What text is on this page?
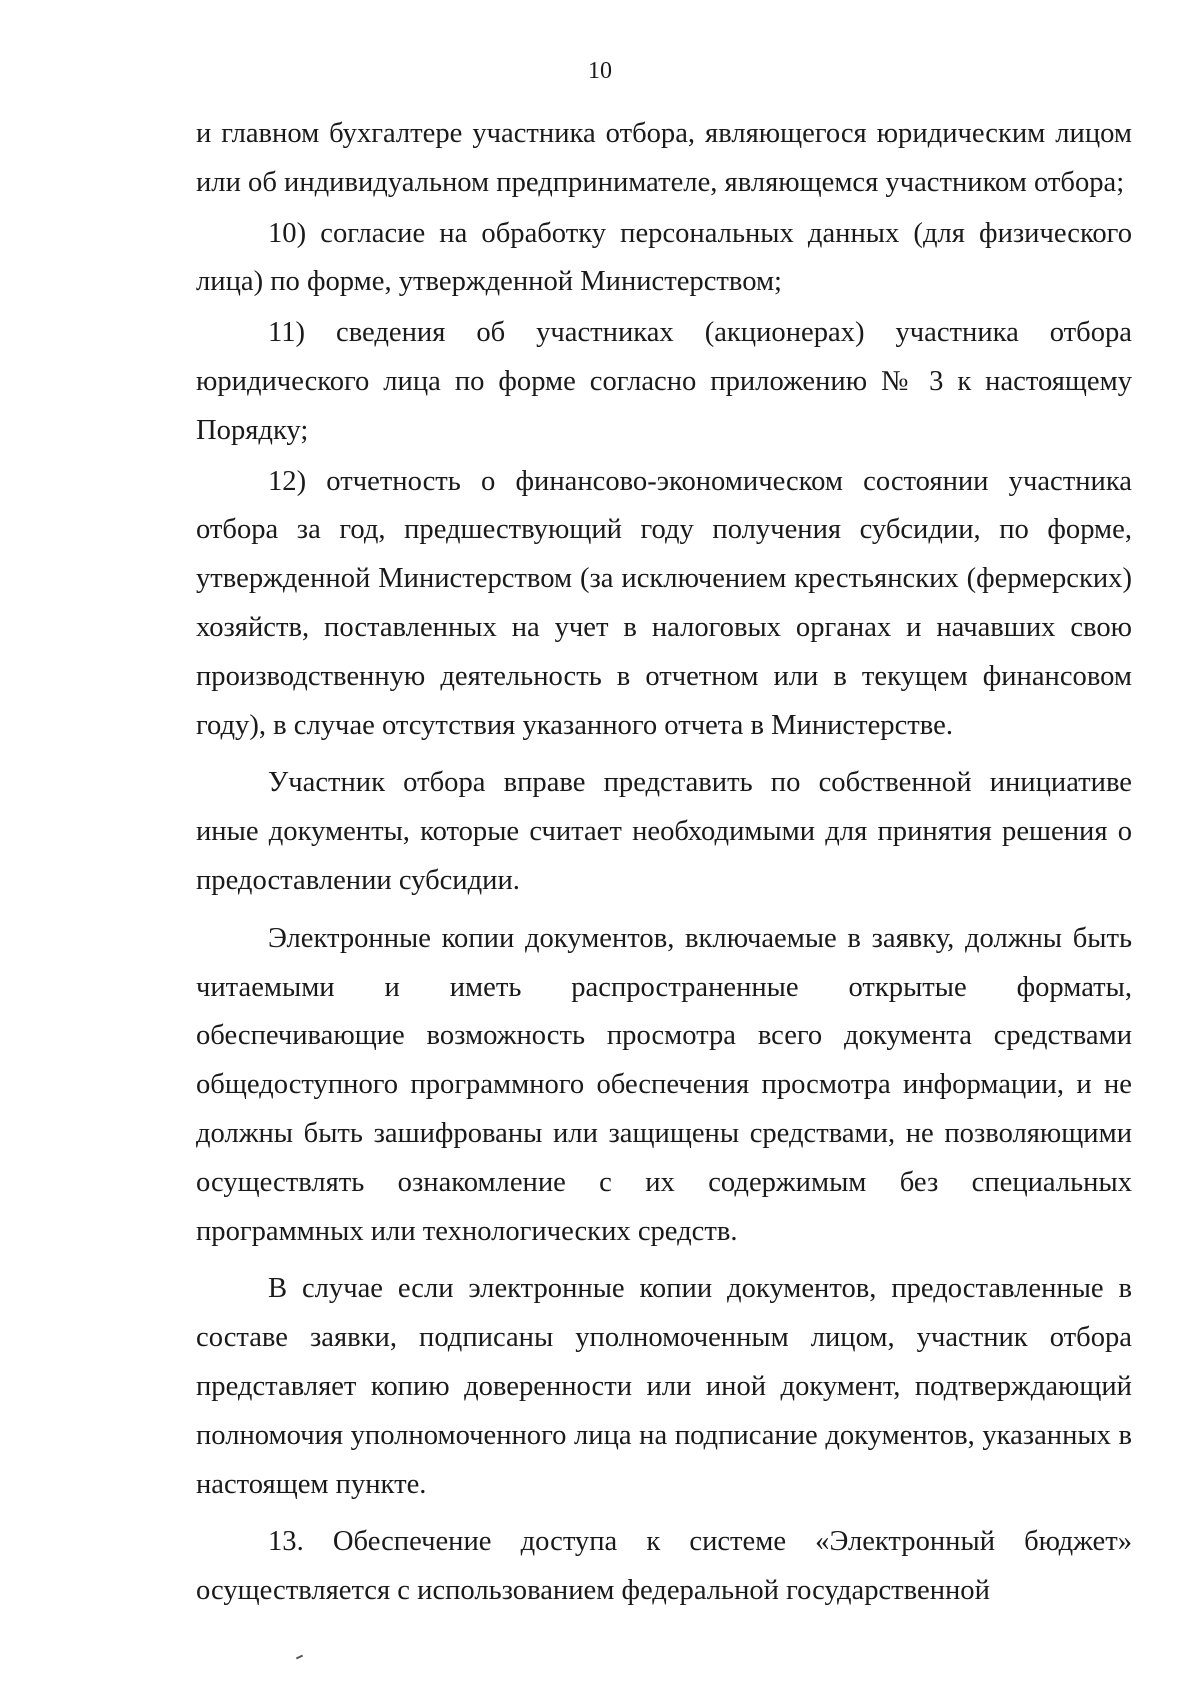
10

и главном бухгалтере участника отбора, являющегося юридическим лицом или об индивидуальном предпринимателе, являющемся участником отбора;

10) согласие на обработку персональных данных (для физического лица) по форме, утвержденной Министерством;

11) сведения об участниках (акционерах) участника отбора юридического лица по форме согласно приложению № 3 к настоящему Порядку;

12) отчетность о финансово-экономическом состоянии участника отбора за год, предшествующий году получения субсидии, по форме, утвержденной Министерством (за исключением крестьянских (фермерских) хозяйств, поставленных на учет в налоговых органах и начавших свою производственную деятельность в отчетном или в текущем финансовом году), в случае отсутствия указанного отчета в Министерстве.

Участник отбора вправе представить по собственной инициативе иные документы, которые считает необходимыми для принятия решения о предоставлении субсидии.

Электронные копии документов, включаемые в заявку, должны быть читаемыми и иметь распространенные открытые форматы, обеспечивающие возможность просмотра всего документа средствами общедоступного программного обеспечения просмотра информации, и не должны быть зашифрованы или защищены средствами, не позволяющими осуществлять ознакомление с их содержимым без специальных программных или технологических средств.

В случае если электронные копии документов, предоставленные в составе заявки, подписаны уполномоченным лицом, участник отбора представляет копию доверенности или иной документ, подтверждающий полномочия уполномоченного лица на подписание документов, указанных в настоящем пункте.

13. Обеспечение доступа к системе «Электронный бюджет» осуществляется с использованием федеральной государственной
